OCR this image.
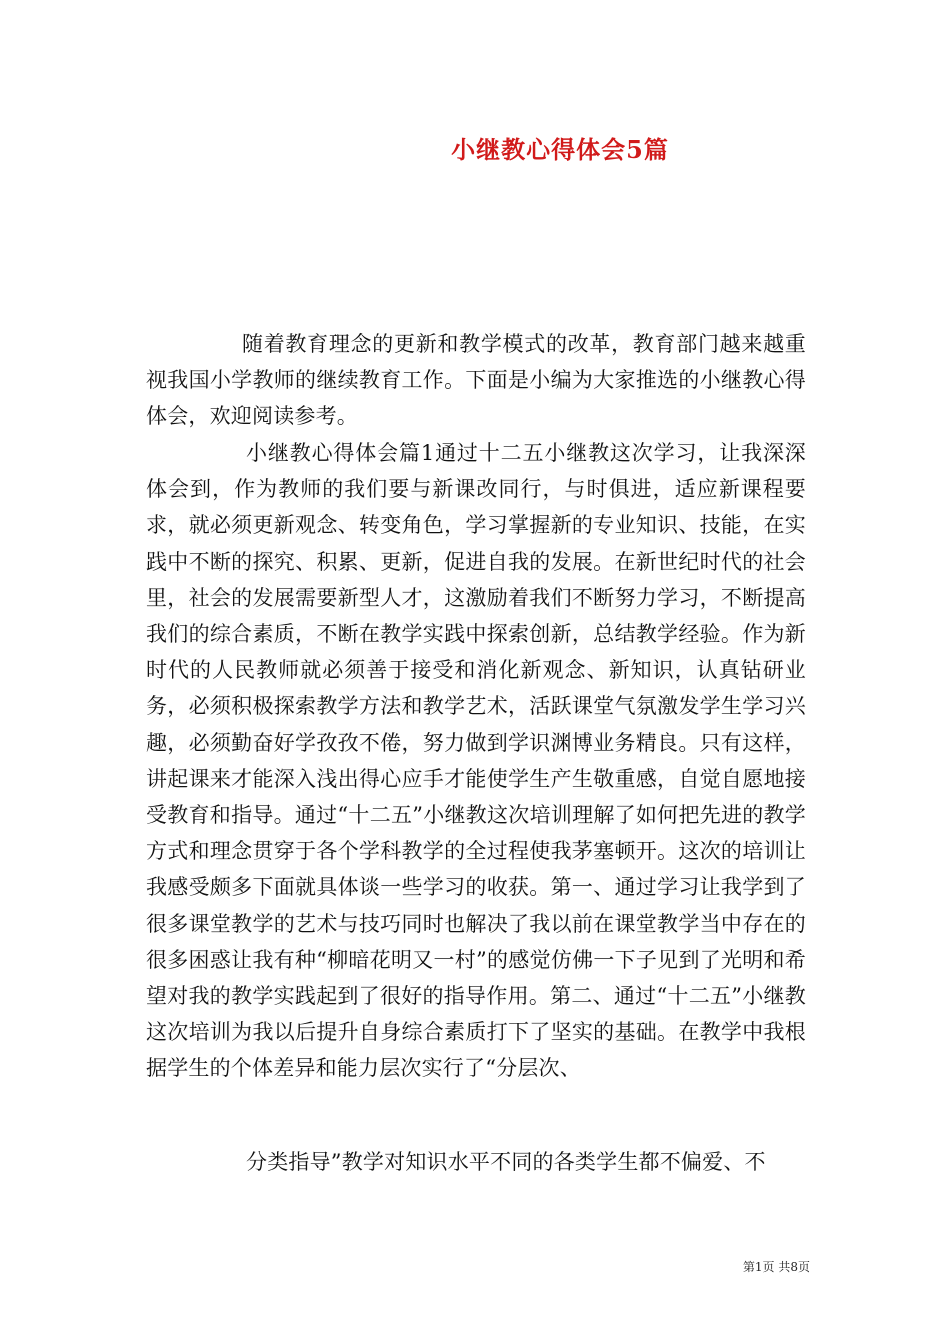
小继教心得体会5篇

随着教育理念的更新和教学模式的改革，教育部门越来越重视我国小学教师的继续教育工作。下面是小编为大家推选的小继教心得体会，欢迎阅读参考。

小继教心得体会篇1通过十二五小继教这次学习，让我深深体会到，作为教师的我们要与新课改同行，与时俱进，适应新课程要求，就必须更新观念、转变角色，学习掌握新的专业知识、技能，在实践中不断的探究、积累、更新，促进自我的发展。在新世纪时代的社会里，社会的发展需要新型人才，这激励着我们不断努力学习，不断提高我们的综合素质，不断在教学实践中探索创新，总结教学经验。作为新时代的人民教师就必须善于接受和消化新观念、新知识，认真钻研业务，必须积极探索教学方法和教学艺术，活跃课堂气氛激发学生学习兴趣，必须勤奋好学孜孜不倦，努力做到学识渊博业务精良。只有这样，讲起课来才能深入浅出得心应手才能使学生产生敬重感，自觉自愿地接受教育和指导。通过“十二五”小继教这次培训理解了如何把先进的教学方式和理念贯穿于各个学科教学的全过程使我茅塞顿开。这次的培训让我感受颇多下面就具体谈一些学习的收获。第一、通过学习让我学到了很多课堂教学的艺术与技巧同时也解决了我以前在课堂教学当中存在的很多困惑让我有种“柳暗花明又一村”的感觉仿佛一下子见到了光明和希望对我的教学实践起到了很好的指导作用。第二、通过“十二五”小继教这次培训为我以后提升自身综合素质打下了坚实的基础。在教学中我根据学生的个体差异和能力层次实行了“分层次、

分类指导”教学对知识水平不同的各类学生都不偏爱、不

第1页 共8页
